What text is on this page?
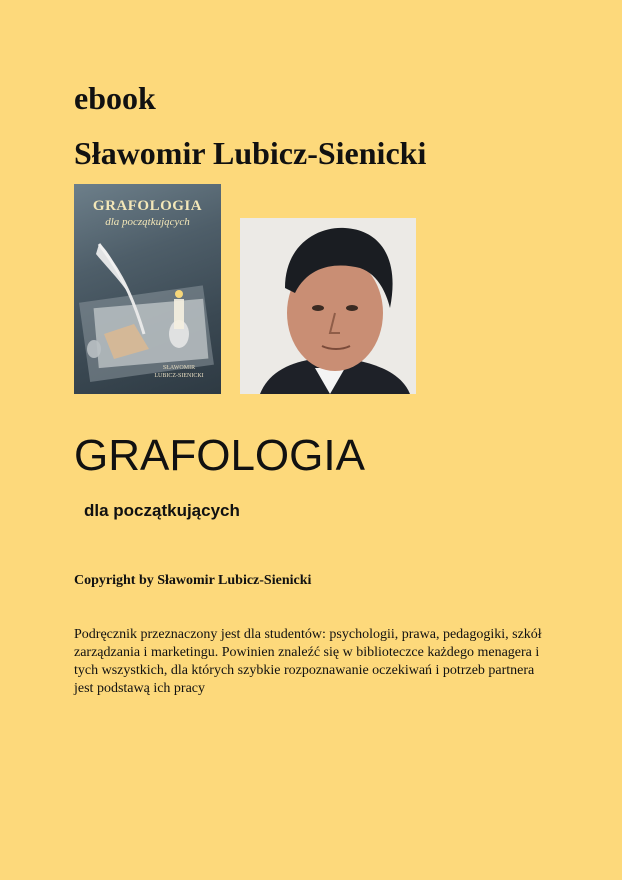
ebook
Sławomir Lubicz-Sienicki
GRAFOLOGIA
dla początkujących
SŁAWOMIR
LUBICZ-SIENICKI
GRAFOLOGIA
dla początkujących

Copyright by Sławomir Lubicz-Sienicki

Podręcznik przeznaczony jest dla studentów: psychologii, prawa, pedagogiki, szkół zarządzania i marketingu. Powinien znaleźć się w biblioteczce każdego menagera i tych wszystkich, dla których szybkie rozpoznawanie oczekiwań i potrzeb partnera jest podstawą ich pracy
